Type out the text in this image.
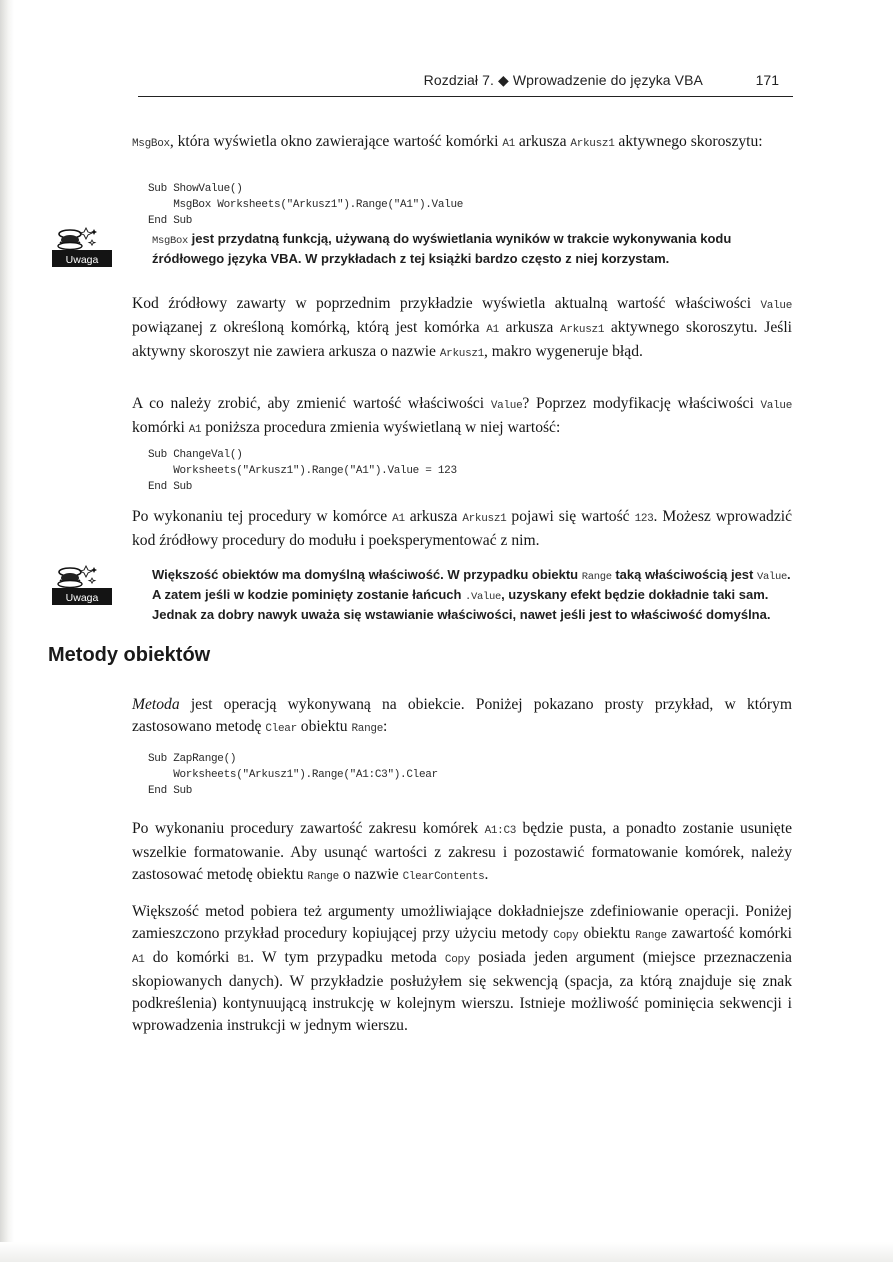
Rozdział 7. ◆ Wprowadzenie do języka VBA	171

MsgBox, która wyświetla okno zawierające wartość komórki A1 arkusza Arkusz1 aktywnego skoroszytu:

Sub ShowValue()
MsgBox Worksheets("Arkusz1").Range("A1").Value
End Sub
Uwaga
MsgBox jest przydatną funkcją, używaną do wyświetlania wyników w trakcie wykonywania kodu źródłowego języka VBA. W przykładach z tej książki bardzo często z niej korzystam.

Kod źródłowy zawarty w poprzednim przykładzie wyświetla aktualną wartość właściwości Value powiązanej z określoną komórką, którą jest komórka A1 arkusza Arkusz1 aktywnego skoroszytu. Jeśli aktywny skoroszyt nie zawiera arkusza o nazwie Arkusz1, makro wygeneruje błąd.

A co należy zrobić, aby zmienić wartość właściwości Value? Poprzez modyfikację właściwości Value komórki A1 poniższa procedura zmienia wyświetlaną w niej wartość:

Sub ChangeVal()
Worksheets("Arkusz1").Range("A1").Value = 123
End Sub

Po wykonaniu tej procedury w komórce A1 arkusza Arkusz1 pojawi się wartość 123. Możesz wprowadzić kod źródłowy procedury do modułu i poeksperymentować z nim.

Uwaga
Większość obiektów ma domyślną właściwość. W przypadku obiektu Range taką właściwością jest Value. A zatem jeśli w kodzie pominięty zostanie łańcuch .Value, uzyskany efekt będzie dokładnie taki sam. Jednak za dobry nawyk uważa się wstawianie właściwości, nawet jeśli jest to właściwość domyślna.
Metody obiektów

Metoda jest operacją wykonywaną na obiekcie. Poniżej pokazano prosty przykład, w którym zastosowano metodę Clear obiektu Range:

Sub ZapRange()
Worksheets("Arkusz1").Range("A1:C3").Clear
End Sub

Po wykonaniu procedury zawartość zakresu komórek A1:C3 będzie pusta, a ponadto zostanie usunięte wszelkie formatowanie. Aby usunąć wartości z zakresu i pozostawić formatowanie komórek, należy zastosować metodę obiektu Range o nazwie ClearContents.

Większość metod pobiera też argumenty umożliwiające dokładniejsze zdefiniowanie operacji. Poniżej zamieszczono przykład procedury kopiującej przy użyciu metody Copy obiektu Range zawartość komórki A1 do komórki B1. W tym przypadku metoda Copy posiada jeden argument (miejsce przeznaczenia skopiowanych danych). W przykładzie posłużyłem się sekwencją (spacja, za którą znajduje się znak podkreślenia) kontynuującą instrukcję w kolejnym wierszu. Istnieje możliwość pominięcia sekwencji i wprowadzenia instrukcji w jednym wierszu.
